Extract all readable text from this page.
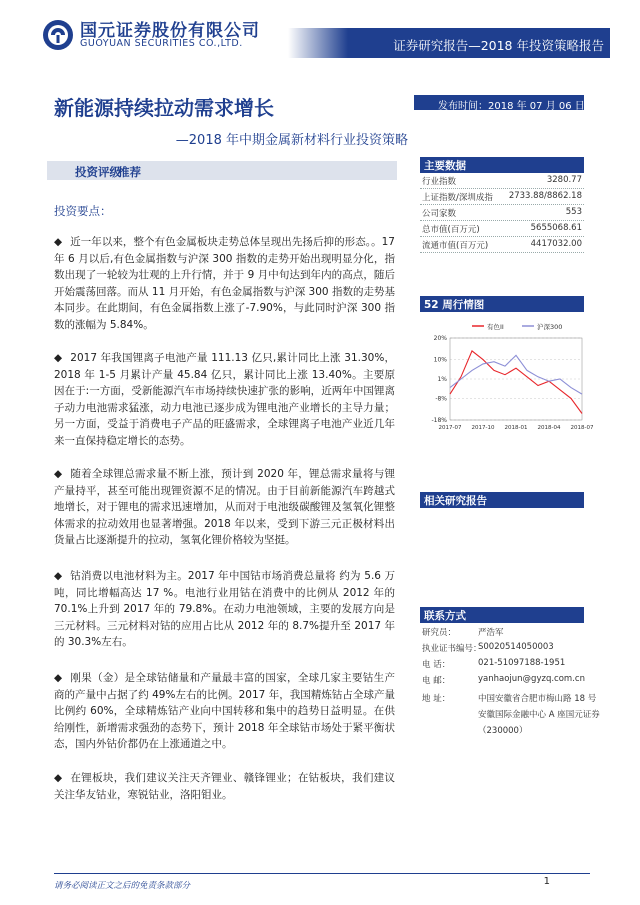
国元证券股份有限公司
GUOYUAN SECURITIES CO.,LTD.	证券研究报告—2018 年投资策略报告
新能源持续拉动需求增长
—2018 年中期金属新材料行业投资策略
投资评级
推荐
投资要点：
◆ 近一年以来，整个有色金属板块走势总体呈现出先扬后抑的形态。。17 年 6 月以后,有色金属指数与沪深 300 指数的走势开始出现明显分化，指数出现了一轮较为壮观的上升行情，并于 9 月中旬达到年内的高点，随后开始震荡回落。而从 11 月开始，有色金属指数与沪深 300 指数的走势基本同步。在此期间，有色金属指数上涨了-7.90%，与此同时沪深 300 指数的涨幅为 5.84%。
◆ 2017 年我国锂离子电池产量 111.13 亿只,累计同比上涨 31.30%，2018 年 1-5 月累计产量 45.84 亿只，累计同比上涨 13.40%。主要原因在于:一方面，受新能源汽车市场持续快速扩张的影响，近两年中国锂离子动力电池需求猛涨，动力电池已逐步成为锂电池产业增长的主导力量；另一方面，受益于消费电子产品的旺盛需求，全球锂离子电池产业近几年来一直保持稳定增长的态势。
◆ 随着全球锂总需求量不断上涨，预计到 2020 年，锂总需求量将与锂产量持平，甚至可能出现锂资源不足的情况。由于目前新能源汽车跨越式地增长，对于锂电的需求迅速增加，从而对于电池级碳酸锂及氢氧化锂整体需求的拉动效用也显著增强。2018 年以来，受到下游三元正极材料出货量占比逐渐提升的拉动，氢氧化锂价格较为坚挺。
◆ 钴消费以电池材料为主。2017 年中国钴市场消费总量将 约为 5.6 万吨，同比增幅高达 17 %。电池行业用钴在消费中的比例从 2012 年的 70.1%上升到 2017 年的 79.8%。在动力电池领域，主要的发展方向是三元材料。三元材料对钴的应用占比从 2012 年的 8.7%提升至 2017 年的 30.3%左右。
◆ 刚果（金）是全球钴储量和产量最丰富的国家，全球几家主要钴生产商的产量中占据了约 49%左右的比例。2017 年，我国精炼钴占全球产量比例约 60%，全球精炼钴产业向中国转移和集中的趋势日益明显。在供给刚性，新增需求强劲的态势下，预计 2018 年全球钴市场处于紧平衡状态，国内外钴价都仍在上涨通道之中。
◆ 在锂板块，我们建议关注天齐锂业、赣锋锂业；在钴板块，我们建议关注华友钴业，寒锐钴业，洛阳钼业。
发布时间：2018 年 07 月 06 日
主要数据
行业指数	3280.77
上证指数/深圳成指 2733.88/8862.18
公司家数	553
总市值(百万元)	5655068.61
流通市值(百万元)	4417032.00
52 周行情图
有色II	沪深300
20%
10%
1%
-8%
-18%
2017-07 2017-10 2018-01 2018-04 2018-07
相关研究报告
联系方式
研究员：	严浩军
执业证书编号：
S0020514050003
电 话：	021-51097188-1951
电 邮：	yanhaojun@gyzq.com.cn
地 址：	中国安徽省合肥市梅山路 18 号
安徽国际金融中心 A 座国元证券
（230000）
请务必阅读正文之后的免责条款部分	1
